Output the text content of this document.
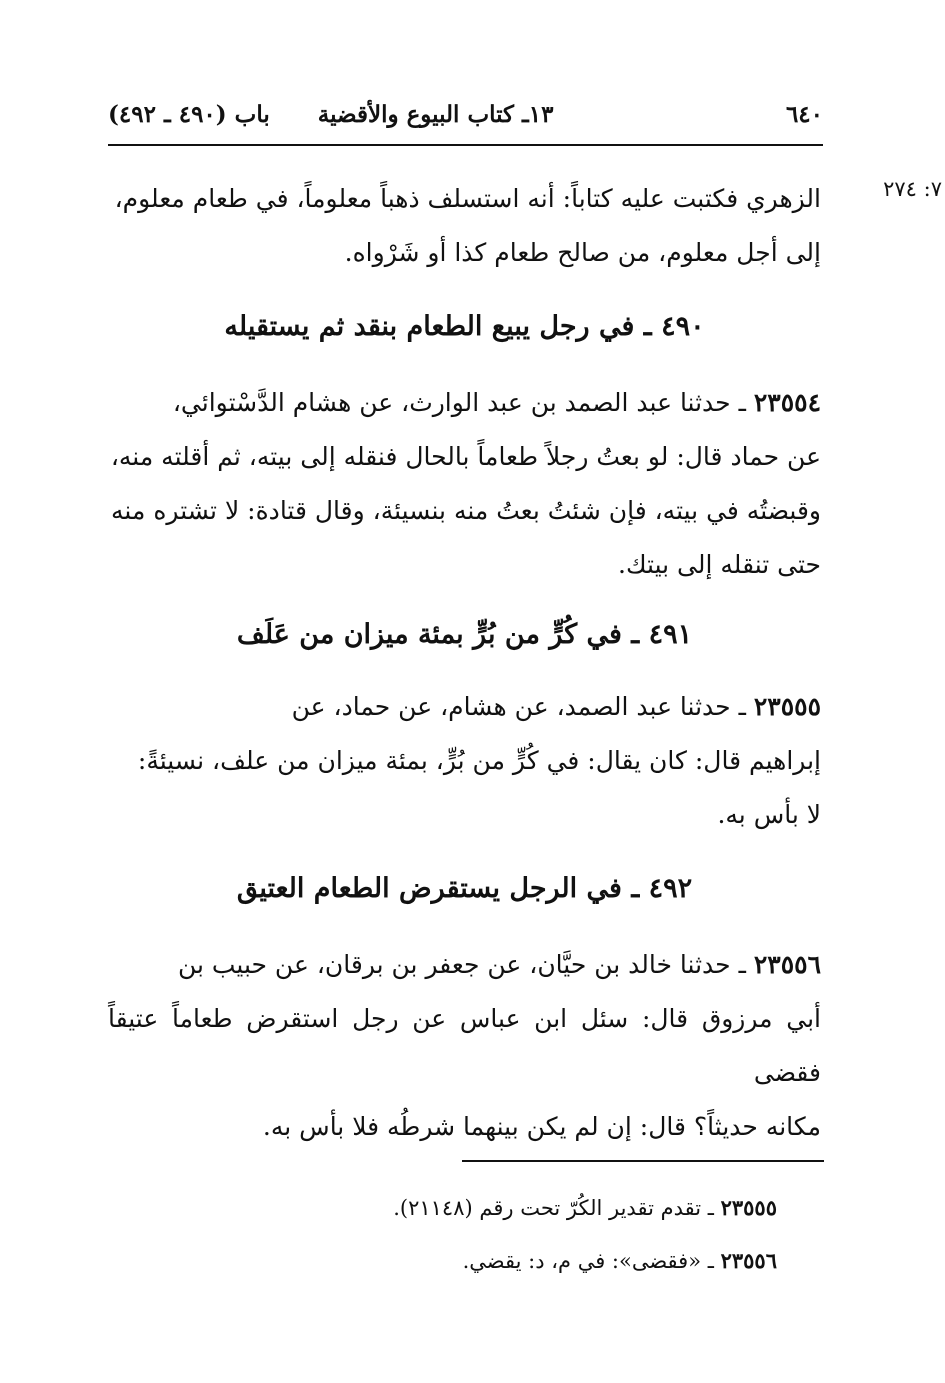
٦٤٠
١٣ـ كتاب البيوع والأقضية
باب (٤٩٠ ـ ٤٩٢)
٧: ٢٧٤
الزهري فكتبت عليه كتاباً: أنه استسلف ذهباً معلوماً، في طعام معلوم،
إلى أجل معلوم، من صالح طعام كذا أو شَرْواه.
٤٩٠ ـ في رجل يبيع الطعام بنقد ثم يستقيله
٢٣٥٥٤ ـ حدثنا عبد الصمد بن عبد الوارث، عن هشام الدَّسْتوائي،
عن حماد قال: لو بعتُ رجلاً طعاماً بالحال فنقله إلى بيته، ثم أقلته منه،
وقبضتُه في بيته، فإن شئتُ بعتُ منه بنسيئة، وقال قتادة: لا تشتره منه
حتى تنقله إلى بيتك.
٤٩١ ـ في كُرٍّ من بُرٍّ بمئة ميزان من عَلَف
٢٣٥٥٥ ـ حدثنا عبد الصمد، عن هشام، عن حماد، عن
إبراهيم قال: كان يقال: في كُرٍّ من بُرٍّ، بمئة ميزان من علف، نسيئةً:
لا بأس به.
٤٩٢ ـ في الرجل يستقرض الطعام العتيق
٢٣٥٥٦ ـ حدثنا خالد بن حيَّان، عن جعفر بن برقان، عن حبيب بن
أبي مرزوق قال: سئل ابن عباس عن رجل استقرض طعاماً عتيقاً فقضى
مكانه حديثاً؟ قال: إن لم يكن بينهما شرطُه فلا بأس به.
٢٣٥٥٥ ـ تقدم تقدير الكُرّ تحت رقم (٢١١٤٨).
٢٣٥٥٦ ـ «فقضى»: في م، د: يقضي.
